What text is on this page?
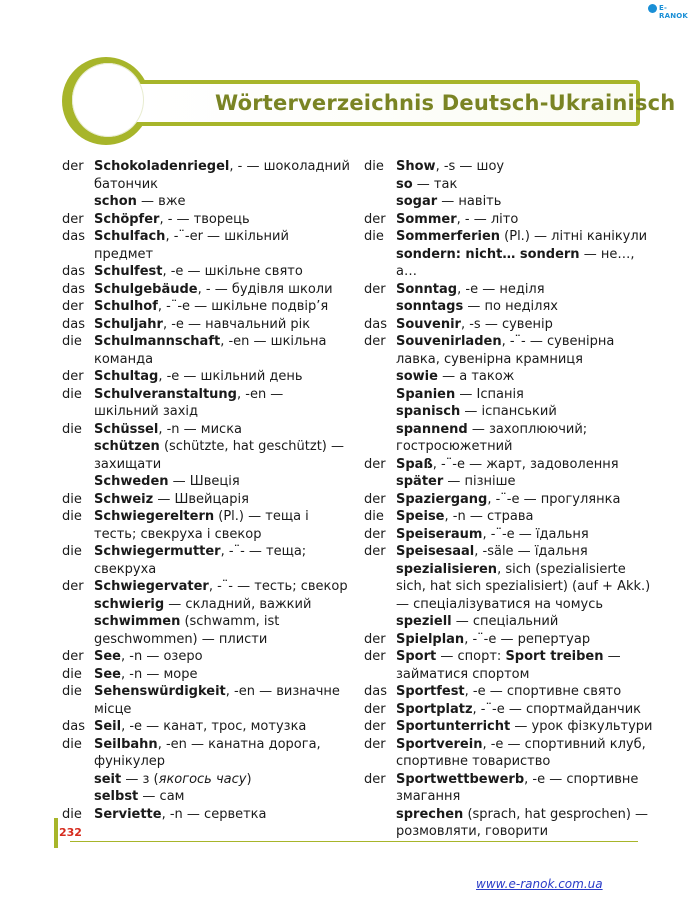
E-RANOK
Wörterverzeichnis Deutsch-Ukrainisch
der Schokoladenriegel, - — шоколадний батончик
schon — вже
der Schöpfer, - — творець
das Schulfach, -¨-er — шкільний предмет
das Schulfest, -e — шкільне свято
das Schulgebäude, - — будівля школи
der Schulhof, -¨-e — шкільне подвір’я
das Schuljahr, -e — навчальний рік
die Schulmannschaft, -en — шкільна команда
der Schultag, -e — шкільний день
die Schulveranstaltung, -en — шкільний захід
die Schüssel, -n — миска
schützen (schützte, hat geschützt) — захищати
Schweden — Швеція
die Schweiz — Швейцарія
die Schwiegereltern (Pl.) — теща і тесть; свекруха і свекор
die Schwiegermutter, -¨- — теща; свекруха
der Schwiegervater, -¨- — тесть; свекор
schwierig — складний, важкий
schwimmen (schwamm, ist geschwommen) — плисти
der See, -n — озеро
die See, -n — море
die Sehenswürdigkeit, -en — визначне місце
das Seil, -e — канат, трос, мотузка
die Seilbahn, -en — канатна дорога, фунікулер
seit — з (якогось часу)
selbst — сам
die Serviette, -n — серветка
die Show, -s — шоу
so — так
sogar — навіть
der Sommer, - — літо
die Sommerferien (Pl.) — літні канікули
sondern: nicht… sondern — не…, а…
der Sonntag, -e — неділя
sonntags — по неділях
das Souvenir, -s — сувенір
der Souvenirladen, -¨- — сувенірна лавка, сувенірна крамниця
sowie — а також
Spanien — Іспанія
spanisch — іспанський
spannend — захоплюючий; гостросюжетний
der Spaß, -¨-e — жарт, задоволення
später — пізніше
der Spaziergang, -¨-e — прогулянка
die Speise, -n — страва
der Speiseraum, -¨-e — їдальня
der Speisesaal, -säle — їдальня
spezialisieren, sich (spezialisierte sich, hat sich spezialisiert) (auf + Akk.) — спеціалізуватися на чомусь
speziell — спеціальний
der Spielplan, -¨-e — репертуар
der Sport — спорт: Sport treiben — займатися спортом
das Sportfest, -e — спортивне свято
der Sportplatz, -¨-e — спортмайданчик
der Sportunterricht — урок фізкультури
der Sportverein, -e — спортивний клуб, спортивне товариство
der Sportwettbewerb, -e — спортивне змагання
sprechen (sprach, hat gesprochen) — розмовляти, говорити
232
www.e-ranok.com.ua
